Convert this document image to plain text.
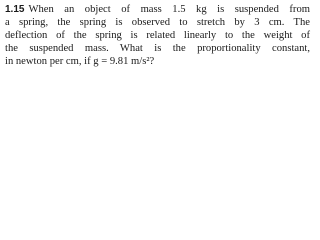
1.15 When an object of mass 1.5 kg is suspended from
a spring, the spring is observed to stretch by 3 cm. The
deflection of the spring is related linearly to the weight of
the suspended mass. What is the proportionality constant,
in newton per cm, if g = 9.81 m/s²?
